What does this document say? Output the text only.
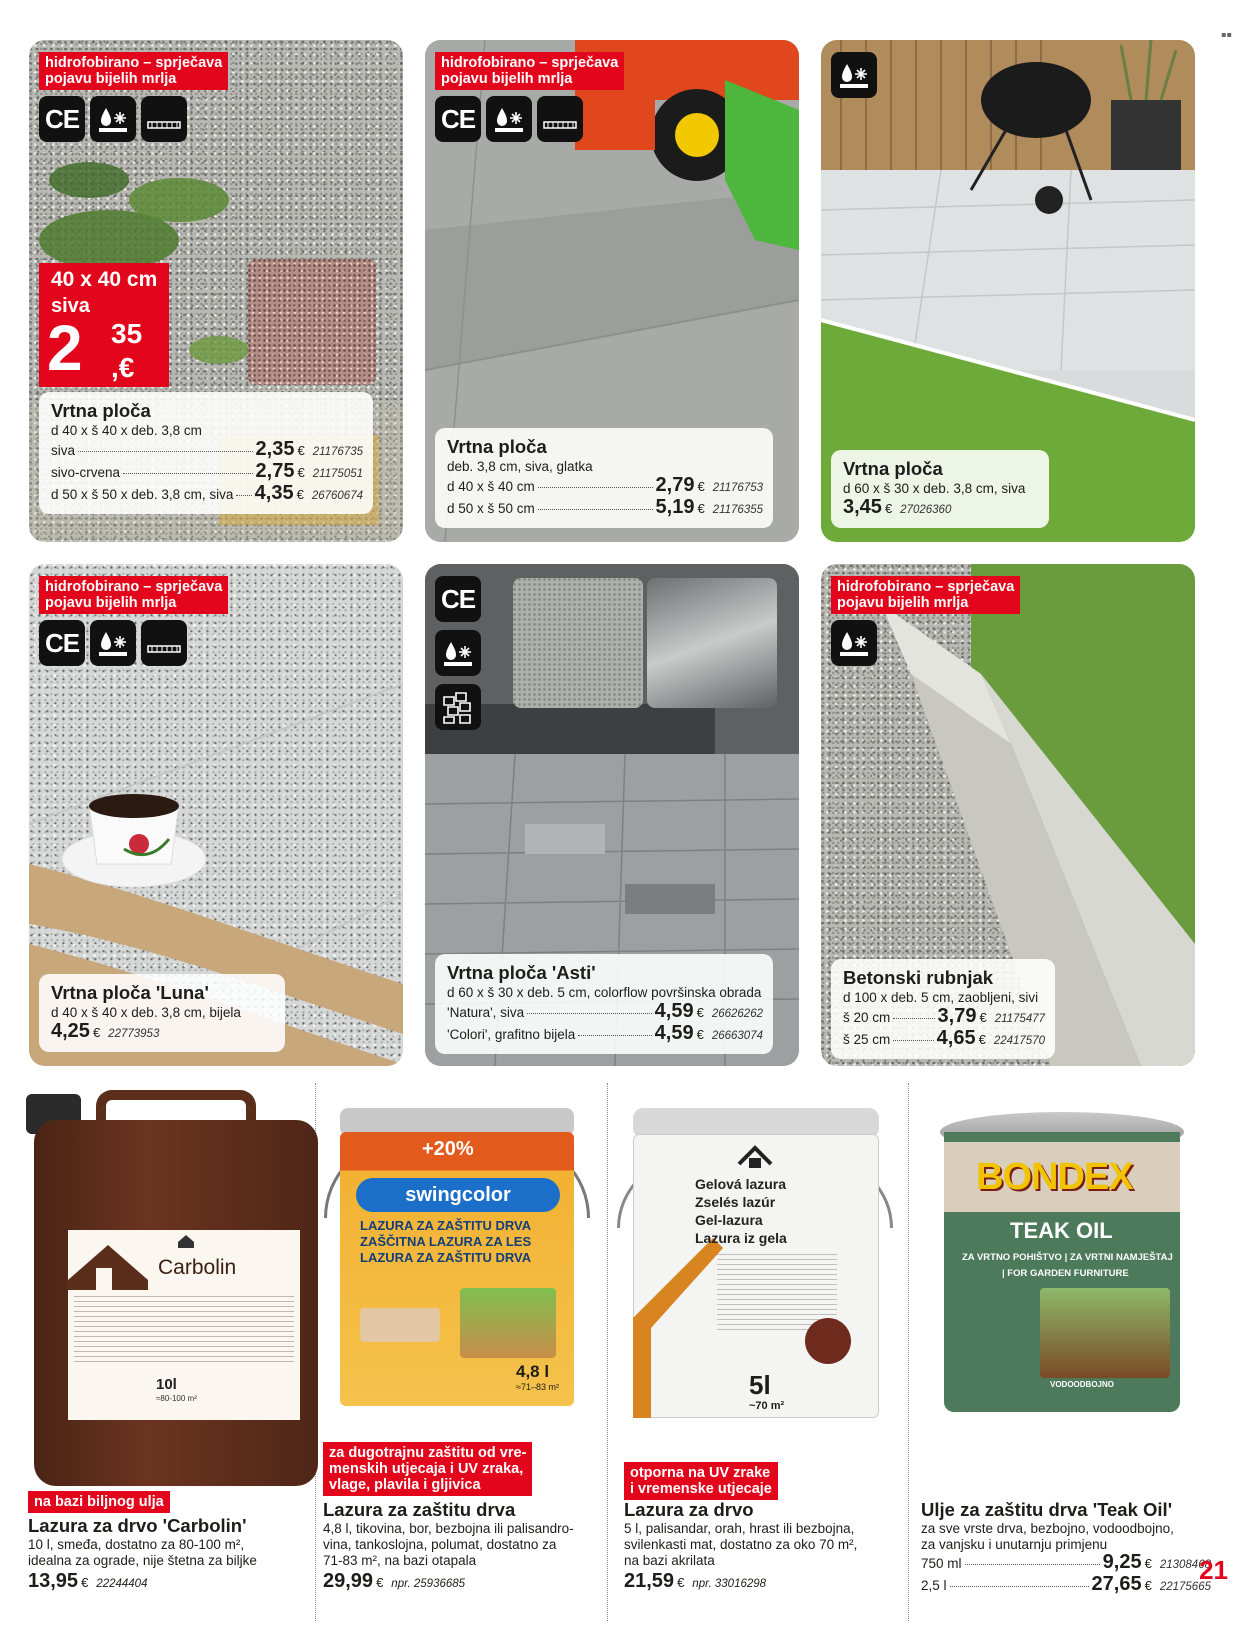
hidrofobirano – sprječava
pojavu bijelih mrlja
CE
40 x 40 cm
siva
2 35
,€
Vrtna ploča
d 40 x š 40 x deb. 3,8 cm
siva	2,35 € 21176735
sivo-crvena	2,75 € 21175051
d 50 x š 50 x deb. 3,8 cm, siva 4,35 € 26760674
hidrofobirano – sprječava
pojavu bijelih mrlja
CE
Vrtna ploča
deb. 3,8 cm, siva, glatka
d 40 x š 40 cm	2,79 € 21176753
d 50 x š 50 cm	5,19 € 21176355
Vrtna ploča
d 60 x š 30 x deb. 3,8 cm, siva
3,45 € 27026360
hidrofobirano – sprječava
pojavu bijelih mrlja
CE
Vrtna ploča 'Luna'
d 40 x š 40 x deb. 3,8 cm, bijela
4,25 € 22773953
CE
Vrtna ploča 'Asti'
d 60 x š 30 x deb. 5 cm, colorflow površinska obrada
'Natura', siva	4,59 € 26626262
'Colori', grafitno bijela	4,59 € 26663074
hidrofobirano – sprječava
pojavu bijelih mrlja
Betonski rubnjak
d 100 x deb. 5 cm, zaobljeni, sivi
š 20 cm 3,79 € 21175477
š 25 cm 4,65 € 22417570
Carbolin
10l
≈80-100 m²
na bazi biljnog ulja
Lazura za drvo 'Carbolin'
10 l, smeđa, dostatno za 80-100 m²,
idealna za ograde, nije štetna za biljke
13,95 € 22244404
+20%
swingcolor
LAZURA ZA ZAŠTITU DRVA
ZAŠČITNA LAZURA ZA LES
LAZURA ZA ZAŠTITU DRVA
4,8 l
≈71–83 m²
za dugotrajnu zaštitu od vre-
menskih utjecaja i UV zraka,
vlage, plavila i gljivica
Lazura za zaštitu drva
4,8 l, tikovina, bor, bezbojna ili palisandro-
vina, tankoslojna, polumat, dostatno za
71-83 m², na bazi otapala
29,99 € npr. 25936685
Gelová lazura
Zselés lazúr
Gel-lazura
Lazura iz gela
5l
~70 m²
otporna na UV zrake
i vremenske utjecaje
Lazura za drvo
5 l, palisandar, orah, hrast ili bezbojna,
svilenkasti mat, dostatno za oko 70 m²,
na bazi akrilata
21,59 € npr. 33016298
BONDEX
TEAK OIL
ZA VRTNO POHIŠTVO | ZA VRTNI NAMJEŠTAJ
| FOR GARDEN FURNITURE
VODOODBOJNO
Ulje za zaštitu drva 'Teak Oil'
za sve vrste drva, bezbojno, vodoodbojno,
za vanjsku i unutarnju primjenu
750 ml	9,25 € 21308468
2,5 l	27,65 € 22175665
▪▪
21
